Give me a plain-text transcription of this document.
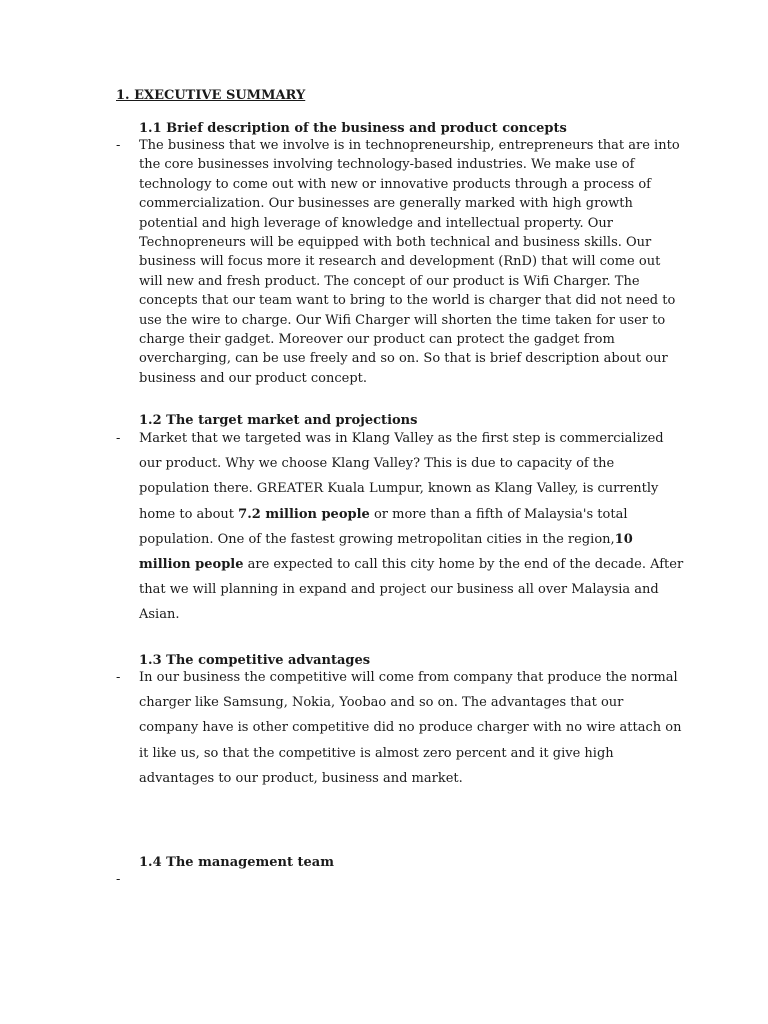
1. EXECUTIVE SUMMARY
1.1 Brief description of the business and product concepts
-	The business that we involve is in technopreneurship, entrepreneurs that are into the core businesses involving technology-based industries. We make use of technology to come out with new or innovative products through a process of commercialization. Our businesses are generally marked with high growth potential and high leverage of knowledge and intellectual property. Our Technopreneurs will be equipped with both technical and business skills. Our business will focus more it research and development (RnD) that will come out will new and fresh product. The concept of our product is Wifi Charger. The concepts that our team want to bring to the world is charger that did not need to use the wire to charge. Our Wifi Charger will shorten the time taken for user to charge their gadget. Moreover our product can protect the gadget from overcharging, can be use freely and so on. So that is brief description about our business and our product concept.

1.2 The target market and projections
-	Market that we targeted was in Klang Valley as the first step is commercialized our product. Why we choose Klang Valley? This is due to capacity of the population there. GREATER Kuala Lumpur, known as Klang Valley, is currently home to about 7.2 million people or more than a fifth of Malaysia's total population. One of the fastest growing metropolitan cities in the region,10 million people are expected to call this city home by the end of the decade. After that we will planning in expand and project our business all over Malaysia and Asian.

1.3 The competitive advantages
-	In our business the competitive will come from company that produce the normal charger like Samsung, Nokia, Yoobao and so on. The advantages that our company have is other competitive did no produce charger with no wire attach on it like us, so that the competitive is almost zero percent and it give high advantages to our product, business and market.

1.4 The management team
-
